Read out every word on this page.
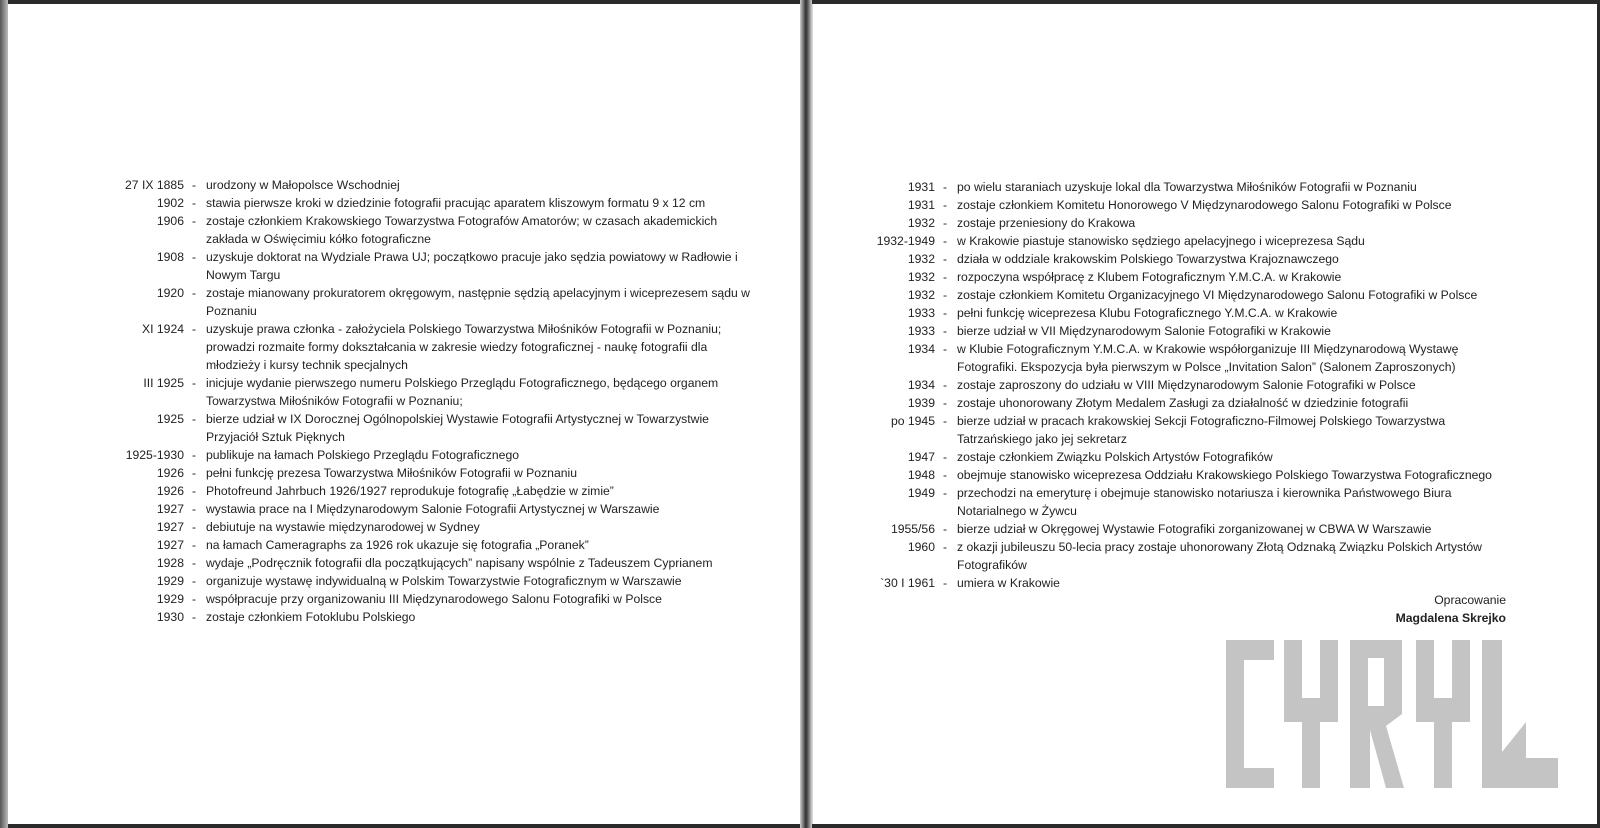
27 IX 1885 - urodzony w Małopolsce Wschodniej
1902 - stawia pierwsze kroki w dziedzinie fotografii pracując aparatem kliszowym formatu 9 x 12 cm
1906 - zostaje członkiem Krakowskiego Towarzystwa Fotografów Amatorów; w czasach akademickich zakłada w Oświęcimiu kółko fotograficzne
1908 - uzyskuje doktorat na Wydziale Prawa UJ; początkowo pracuje jako sędzia powiatowy w Radłowie i Nowym Targu
1920 - zostaje mianowany prokuratorem okręgowym, następnie sędzią apelacyjnym i wiceprezesem sądu w Poznaniu
XI 1924 - uzyskuje prawa członka - założyciela Polskiego Towarzystwa Miłośników Fotografii w Poznaniu; prowadzi rozmaite formy dokształcania w zakresie wiedzy fotograficznej - naukę fotografii dla młodzieży i kursy technik specjalnych
III 1925 - inicjuje wydanie pierwszego numeru Polskiego Przeglądu Fotograficznego, będącego organem Towarzystwa Miłośników Fotografii w Poznaniu;
1925 - bierze udział w IX Dorocznej Ogólnopolskiej Wystawie Fotografii Artystycznej w Towarzystwie Przyjaciół Sztuk Pięknych
1925-1930 - publikuje na łamach Polskiego Przeglądu Fotograficznego
1926 - pełni funkcję prezesa Towarzystwa Miłośników Fotografii w Poznaniu
1926 - Photofreund Jahrbuch 1926/1927 reprodukuje fotografię „Łabędzie w zimie”
1927 - wystawia prace na I Międzynarodowym Salonie Fotografii Artystycznej w Warszawie
1927 - debiutuje na wystawie międzynarodowej w Sydney
1927 - na łamach Cameragraphs za 1926 rok ukazuje się fotografia „Poranek”
1928 - wydaje „Podręcznik fotografii dla początkujących” napisany wspólnie z Tadeuszem Cyprianem
1929 - organizuje wystawę indywidualną w Polskim Towarzystwie Fotograficznym w Warszawie
1929 - współpracuje przy organizowaniu III Międzynarodowego Salonu Fotografiki w Polsce
1930 - zostaje członkiem Fotoklubu Polskiego
1931 - po wielu staraniach uzyskuje lokal dla Towarzystwa Miłośników Fotografii w Poznaniu
1931 - zostaje członkiem Komitetu Honorowego V Międzynarodowego Salonu Fotografiki w Polsce
1932 - zostaje przeniesiony do Krakowa
1932-1949 - w Krakowie piastuje stanowisko sędziego apelacyjnego i wiceprezesa Sądu
1932 - działa w oddziale krakowskim Polskiego Towarzystwa Krajoznawczego
1932 - rozpoczyna współpracę z Klubem Fotograficznym Y.M.C.A. w Krakowie
1932 - zostaje członkiem Komitetu Organizacyjnego VI Międzynarodowego Salonu Fotografiki w Polsce
1933 - pełni funkcję wiceprezesa Klubu Fotograficznego Y.M.C.A. w Krakowie
1933 - bierze udział w VII Międzynarodowym Salonie Fotografiki w Krakowie
1934 - w Klubie Fotograficznym Y.M.C.A. w Krakowie współorganizuje III Międzynarodową Wystawę Fotografiki. Ekspozycja była pierwszym w Polsce „Invitation Salon” (Salonem Zaproszonych)
1934 - zostaje zaproszony do udziału w VIII Międzynarodowym Salonie Fotografiki w Polsce
1939 - zostaje uhonorowany Złotym Medalem Zasługi za działalność w dziedzinie fotografii
po 1945 - bierze udział w pracach krakowskiej Sekcji Fotograficzno-Filmowej Polskiego Towarzystwa Tatrzańskiego jako jej sekretarz
1947 - zostaje członkiem Związku Polskich Artystów Fotografików
1948 - obejmuje stanowisko wiceprezesa Oddziału Krakowskiego Polskiego Towarzystwa Fotograficznego
1949 - przechodzi na emeryturę i obejmuje stanowisko notariusza i kierownika Państwowego Biura Notarialnego w Żywcu
1955/56 - bierze udział w Okręgowej Wystawie Fotografiki zorganizowanej w CBWA W Warszawie
1960 - z okazji jubileuszu 50-lecia pracy zostaje uhonorowany Złotą Odznaką Związku Polskich Artystów Fotografików
`30 I 1961 - umiera w Krakowie
Opracowanie
Magdalena Skrejko
